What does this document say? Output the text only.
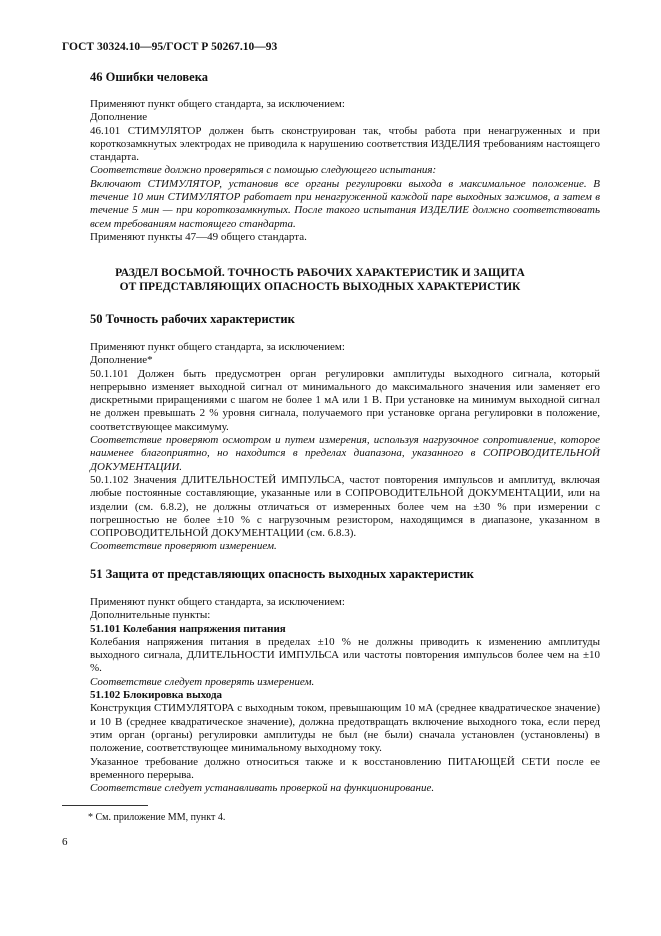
ГОСТ 30324.10—95/ГОСТ Р 50267.10—93
46 Ошибки человека
Применяют пункт общего стандарта, за исключением:
Дополнение
46.101 СТИМУЛЯТОР должен быть сконструирован так, чтобы работа при ненагруженных и при короткозамкнутых электродах не приводила к нарушению соответствия ИЗДЕЛИЯ требованиям настоящего стандарта.
Соответствие должно проверяться с помощью следующего испытания:
Включают СТИМУЛЯТОР, установив все органы регулировки выхода в максимальное положение. В течение 10 мин СТИМУЛЯТОР работает при ненагруженной каждой паре выходных зажимов, а затем в течение 5 мин — при короткозамкнутых. После такого испытания ИЗДЕЛИЕ должно соответствовать всем требованиям настоящего стандарта.
Применяют пункты 47—49 общего стандарта.
РАЗДЕЛ ВОСЬМОЙ. ТОЧНОСТЬ РАБОЧИХ ХАРАКТЕРИСТИК И ЗАЩИТА
ОТ ПРЕДСТАВЛЯЮЩИХ ОПАСНОСТЬ ВЫХОДНЫХ ХАРАКТЕРИСТИК
50 Точность рабочих характеристик
Применяют пункт общего стандарта, за исключением:
Дополнение*
50.1.101 Должен быть предусмотрен орган регулировки амплитуды выходного сигнала, который непрерывно изменяет выходной сигнал от минимального до максимального значения или заменяет его дискретными приращениями с шагом не более 1 мА или 1 В. При установке на минимум выходной сигнал не должен превышать 2 % уровня сигнала, получаемого при установке органа регулировки в положение, соответствующее максимуму.
Соответствие проверяют осмотром и путем измерения, используя нагрузочное сопротивление, которое наименее благоприятно, но находится в пределах диапазона, указанного в СОПРОВОДИТЕЛЬНОЙ ДОКУМЕНТАЦИИ.
50.1.102 Значения ДЛИТЕЛЬНОСТЕЙ ИМПУЛЬСА, частот повторения импульсов и амплитуд, включая любые постоянные составляющие, указанные или в СОПРОВОДИТЕЛЬНОЙ ДОКУМЕНТАЦИИ, или на изделии (см. 6.8.2), не должны отличаться от измеренных более чем на ±30 % при измерении с погрешностью не более ±10 % с нагрузочным резистором, находящимся в диапазоне, указанном в СОПРОВОДИТЕЛЬНОЙ ДОКУМЕНТАЦИИ (см. 6.8.3).
Соответствие проверяют измерением.
51 Защита от представляющих опасность выходных характеристик
Применяют пункт общего стандарта, за исключением:
Дополнительные пункты:
51.101 Колебания напряжения питания
Колебания напряжения питания в пределах ±10 % не должны приводить к изменению амплитуды выходного сигнала, ДЛИТЕЛЬНОСТИ ИМПУЛЬСА или частоты повторения импульсов более чем на ±10 %.
Соответствие следует проверять измерением.
51.102 Блокировка выхода
Конструкция СТИМУЛЯТОРА с выходным током, превышающим 10 мА (среднее квадратическое значение) и 10 В (среднее квадратическое значение), должна предотвращать включение выходного тока, если перед этим орган (органы) регулировки амплитуды не был (не были) сначала установлен (установлены) в положение, соответствующее минимальному выходному току.
Указанное требование должно относиться также и к восстановлению ПИТАЮЩЕЙ СЕТИ после ее временного перерыва.
Соответствие следует устанавливать проверкой на функционирование.
* См. приложение ММ, пункт 4.
6
